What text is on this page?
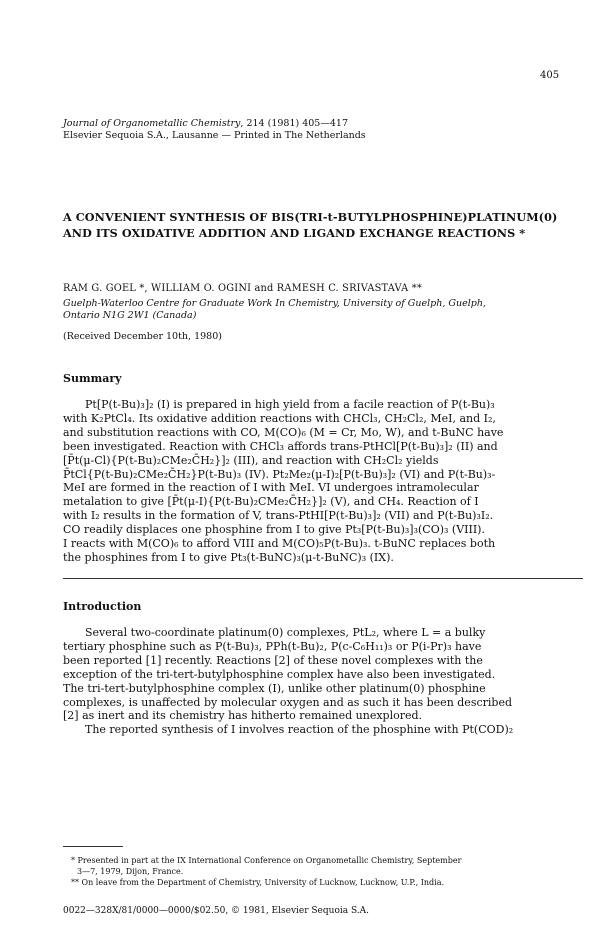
405
Journal of Organometallic Chemistry, 214 (1981) 405—417
Elsevier Sequoia S.A., Lausanne — Printed in The Netherlands
A CONVENIENT SYNTHESIS OF BIS(TRI-t-BUTYLPHOSPHINE)PLATINUM(0)
AND ITS OXIDATIVE ADDITION AND LIGAND EXCHANGE REACTIONS *
RAM G. GOEL *, WILLIAM O. OGINI and RAMESH C. SRIVASTAVA **
Guelph-Waterloo Centre for Graduate Work In Chemistry, University of Guelph, Guelph,
Ontario N1G 2W1 (Canada)
(Received December 10th, 1980)
Summary
Pt[P(t-Bu)₃]₂ (I) is prepared in high yield from a facile reaction of P(t-Bu)₃
with K₂PtCl₄. Its oxidative addition reactions with CHCl₃, CH₂Cl₂, MeI, and I₂,
and substitution reactions with CO, M(CO)₆ (M = Cr, Mo, W), and t-BuNC have
been investigated. Reaction with CHCl₃ affords trans-PtHCl[P(t-Bu)₃]₂ (II) and
[P̄t(μ-Cl){P(t-Bu)₂CMe₂C̄H₂}]₂ (III), and reaction with CH₂Cl₂ yields
P̄tCl{P(t-Bu)₂CMe₂C̄H₂}P(t-Bu)₃ (IV). Pt₂Me₂(μ-I)₂[P(t-Bu)₃]₂ (VI) and P(t-Bu)₃-
MeI are formed in the reaction of I with MeI. VI undergoes intramolecular
metalation to give [P̄t(μ-I){P(t-Bu)₂CMe₂C̄H₂}]₂ (V), and CH₄. Reaction of I
with I₂ results in the formation of V, trans-PtHI[P(t-Bu)₃]₂ (VII) and P(t-Bu)₃I₂.
CO readily displaces one phosphine from I to give Pt₃[P(t-Bu)₃]₃(CO)₃ (VIII).
I reacts with M(CO)₆ to afford VIII and M(CO)₅P(t-Bu)₃. t-BuNC replaces both
the phosphines from I to give Pt₃(t-BuNC)₃(μ-t-BuNC)₃ (IX).
Introduction
Several two-coordinate platinum(0) complexes, PtL₂, where L = a bulky
tertiary phosphine such as P(t-Bu)₃, PPh(t-Bu)₂, P(c-C₆H₁₁)₃ or P(i-Pr)₃ have
been reported [1] recently. Reactions [2] of these novel complexes with the
exception of the tri-tert-butylphosphine complex have also been investigated.
The tri-tert-butylphosphine complex (I), unlike other platinum(0) phosphine
complexes, is unaffected by molecular oxygen and as such it has been described
[2] as inert and its chemistry has hitherto remained unexplored.
The reported synthesis of I involves reaction of the phosphine with Pt(COD)₂
* Presented in part at the IX International Conference on Organometallic Chemistry, September
3—7, 1979, Dijon, France.
** On leave from the Department of Chemistry, University of Lucknow, Lucknow, U.P., India.
0022—328X/81/0000—0000/$02.50, © 1981, Elsevier Sequoia S.A.
